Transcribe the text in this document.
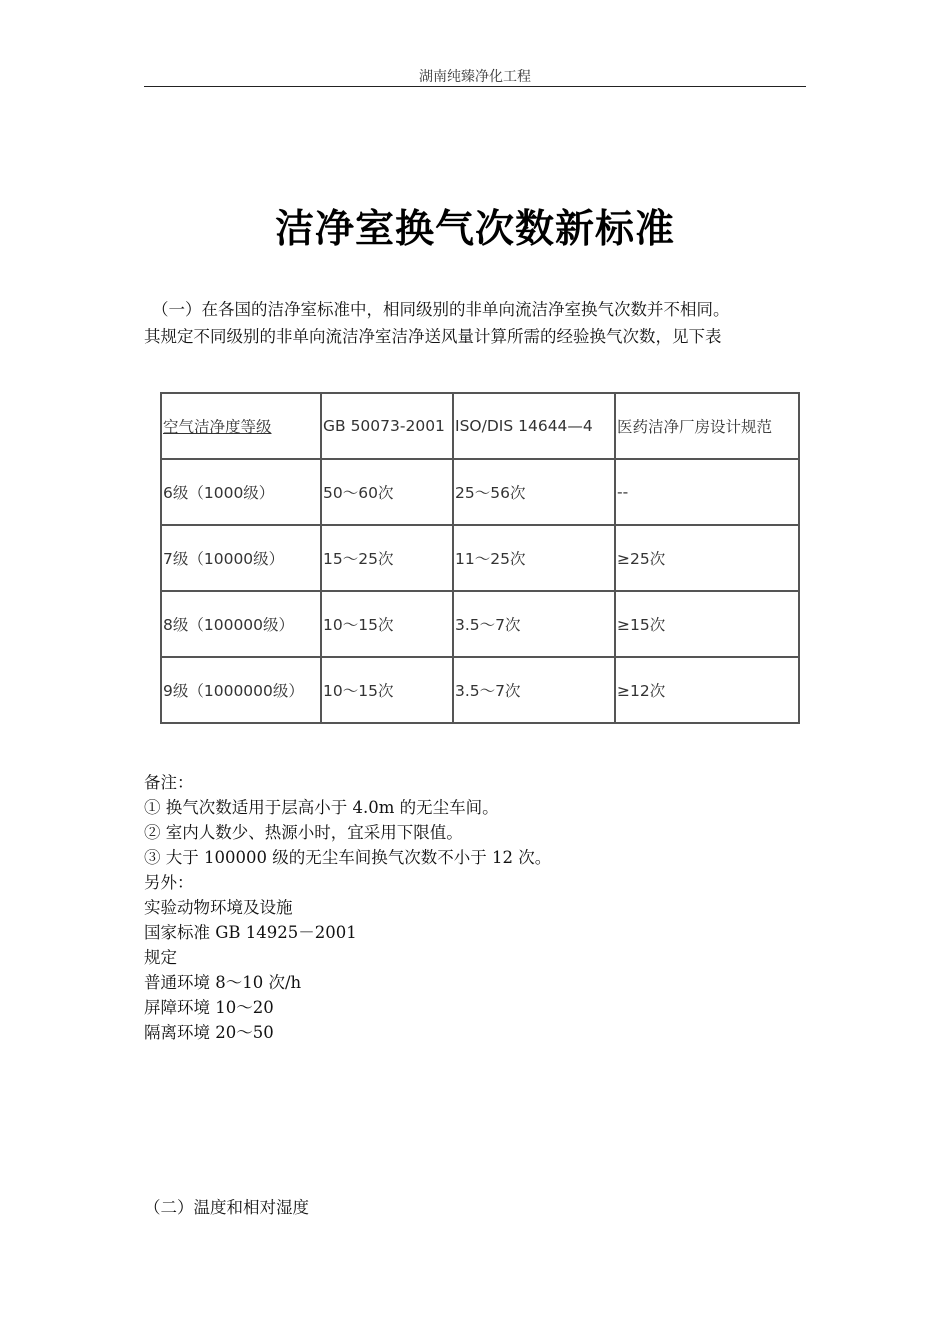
湖南纯臻净化工程
洁净室换气次数新标准

（一）在各国的洁净室标准中，相同级别的非单向流洁净室换气次数并不相同。

其规定不同级别的非单向流洁净室洁净送风量计算所需的经验换气次数，见下表

空气洁净度等级	GB 50073-2001	ISO/DIS 14644—4	医药洁净厂房设计规范
6级（1000级）	50～60次	25～56次	--
7级（10000级）	15～25次	11～25次	≥25次
8级（100000级）	10～15次	3.5～7次	≥15次
9级（1000000级）	10～15次	3.5～7次	≥12次
备注：
① 换气次数适用于层高小于 4.0m 的无尘车间。
② 室内人数少、热源小时，宜采用下限值。
③ 大于 100000 级的无尘车间换气次数不小于 12 次。
另外：
实验动物环境及设施
国家标准 GB 14925－2001
规定
普通环境 8～10 次/h
屏障环境 10～20
隔离环境 20～50
（二）温度和相对湿度
